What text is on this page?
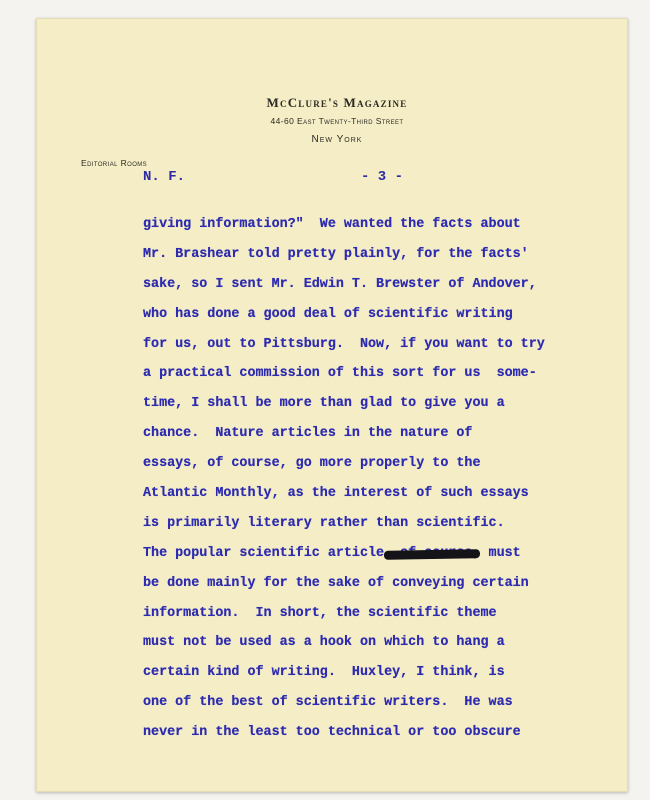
McClure's Magazine
44-60 East Twenty-Third Street
New York
Editorial Rooms
N. F.	- 3 -
giving information?"  We wanted the facts about
Mr. Brashear told pretty plainly, for the facts'
sake, so I sent Mr. Edwin T. Brewster of Andover,
who has done a good deal of scientific writing
for us, out to Pittsburg.  Now, if you want to try
a practical commission of this sort for us  some-
time, I shall be more than glad to give you a
chance.  Nature articles in the nature of
essays, of course, go more properly to the
Atlantic Monthly, as the interest of such essays
is primarily literary rather than scientific.
The popular scientific article	must
be done mainly for the sake of conveying certain
information.  In short, the scientific theme
must not be used as a hook on which to hang a
certain kind of writing.  Huxley, I think, is
one of the best of scientific writers.  He was
never in the least too technical or too obscure
